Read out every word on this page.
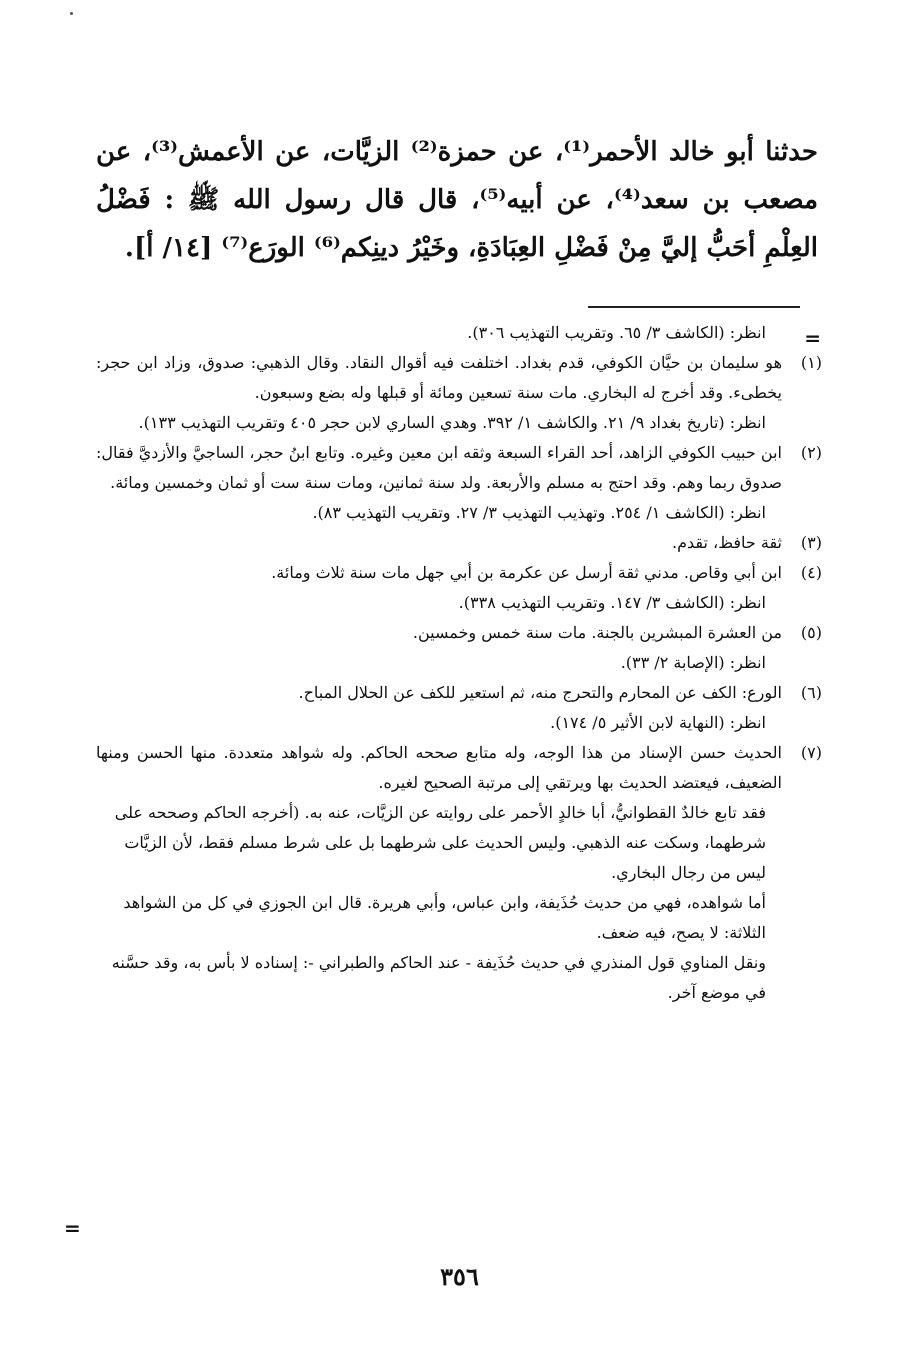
حدثنا أبو خالد الأحمر⁽¹⁾، عن حمزة⁽²⁾ الزيَّات، عن الأعمش⁽³⁾، عن مصعب بن سعد⁽⁴⁾، عن أبيه⁽⁵⁾، قال قال رسول الله ﷺ : فَضْلُ العِلْمِ أحَبُّ إليَّ مِنْ فَضْلِ العِبَادَةِ، وخَيْرُ دينِكم⁽⁶⁾ الورَع⁽⁷⁾ [١٤/ أ].

=
انظر: (الكاشف ٣/ ٦٥. وتقريب التهذيب ٣٠٦).
(١)
هو سليمان بن حيَّان الكوفي، قدم بغداد. اختلفت فيه أقوال النقاد. وقال الذهبي: صدوق، وزاد ابن حجر: يخطىء. وقد أخرج له البخاري. مات سنة تسعين ومائة أو قبلها وله بضع وسبعون.
انظر: (تاريخ بغداد ٩/ ٢١. والكاشف ١/ ٣٩٢. وهدي الساري لابن حجر ٤٠٥ وتقريب التهذيب ١٣٣).
(٢)
ابن حبيب الكوفي الزاهد، أحد القراء السبعة وثقه ابن معين وغيره. وتابع ابنُ حجر، الساجيَّ والأزديَّ فقال: صدوق ربما وهم. وقد احتج به مسلم والأربعة. ولد سنة ثمانين، ومات سنة ست أو ثمان وخمسين ومائة.
انظر: (الكاشف ١/ ٢٥٤. وتهذيب التهذيب ٣/ ٢٧. وتقريب التهذيب ٨٣).
(٣)
ثقة حافظ، تقدم.
(٤)
ابن أبي وقاص. مدني ثقة أرسل عن عكرمة بن أبي جهل مات سنة ثلاث ومائة.
انظر: (الكاشف ٣/ ١٤٧. وتقريب التهذيب ٣٣٨).
(٥)
من العشرة المبشرين بالجنة. مات سنة خمس وخمسين.
انظر: (الإصابة ٢/ ٣٣).
(٦)
الورع: الكف عن المحارم والتحرج منه، ثم استعير للكف عن الحلال المباح.
انظر: (النهاية لابن الأثير ٥/ ١٧٤).
(٧)
الحديث حسن الإسناد من هذا الوجه، وله متابع صححه الحاكم. وله شواهد متعددة. منها الحسن ومنها الضعيف، فيعتضد الحديث بها ويرتقي إلى مرتبة الصحيح لغيره.
فقد تابع خالدٌ القطوانيُّ، أبا خالدٍ الأحمر على روايته عن الزيَّات، عنه به. (أخرجه الحاكم وصححه على شرطهما، وسكت عنه الذهبي. وليس الحديث على شرطهما بل على شرط مسلم فقط، لأن الزيَّات ليس من رجال البخاري.
أما شواهده، فهي من حديث حُذَيفة، وابن عباس، وأبي هريرة. قال ابن الجوزي في كل من الشواهد الثلاثة: لا يصح، فيه ضعف.
ونقل المناوي قول المنذري في حديث حُذَيفة - عند الحاكم والطبراني -: إسناده لا بأس به، وقد حسَّنه في موضع آخر.
=
٣٥٦
